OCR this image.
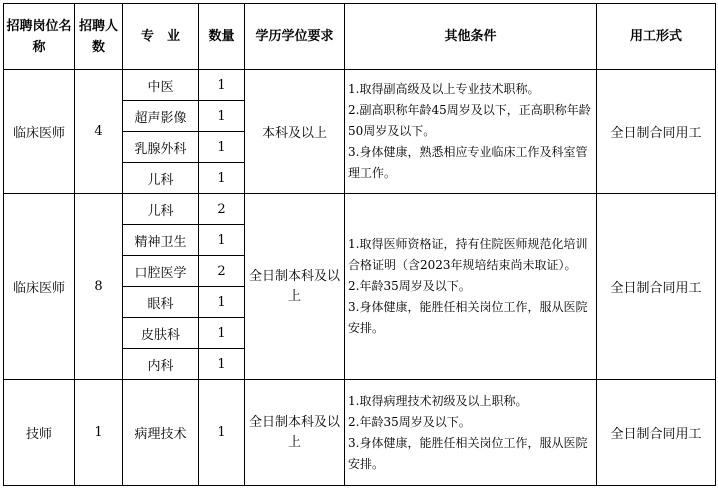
招聘岗位名称	招聘人数	专　业	数量	学历学位要求	其他条件	用工形式
临床医师	4	中医	1	本科及以上	1.取得副高级及以上专业技术职称。
2.副高职称年龄45周岁及以下，正高职称年龄50周岁及以下。
3.身体健康，熟悉相应专业临床工作及科室管理工作。	全日制合同用工
		超声影像	1			
		乳腺外科	1			
		儿科	1			
临床医师	8	儿科	2	全日制本科及以上	1.取得医师资格证，持有住院医师规范化培训合格证明（含2023年规培结束尚未取证）。
2.年龄35周岁及以下。
3.身体健康，能胜任相关岗位工作，服从医院安排。	全日制合同用工
		精神卫生	1			
		口腔医学	2			
		眼科	1			
		皮肤科	1			
		内科	1			
技师	1	病理技术	1	全日制本科及以上	1.取得病理技术初级及以上职称。
2.年龄35周岁及以下。
3.身体健康，能胜任相关岗位工作，服从医院安排。	全日制合同用工
